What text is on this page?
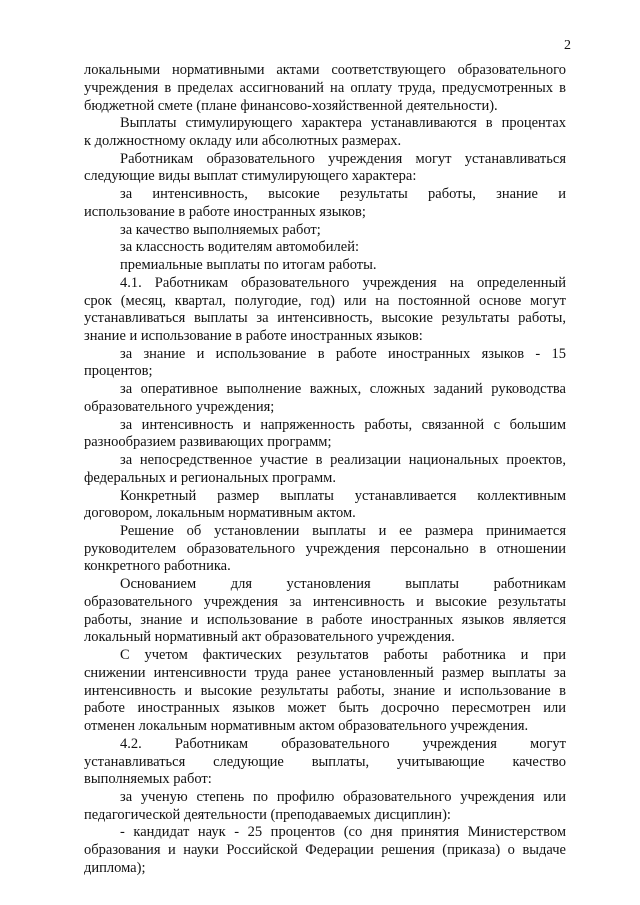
2
локальными нормативными актами соответствующего образовательного
учреждения в пределах ассигнований на оплату труда, предусмотренных в
бюджетной смете (плане финансово-хозяйственной деятельности).
Выплаты стимулирующего характера устанавливаются в процентах
к должностному окладу или абсолютных размерах.
Работникам образовательного учреждения могут устанавливаться
следующие виды выплат стимулирующего характера:
за интенсивность, высокие результаты работы, знание и
использование в работе иностранных языков;
за качество выполняемых работ;
за классность водителям автомобилей:
премиальные выплаты по итогам работы.
4.1. Работникам образовательного учреждения на определенный
срок (месяц, квартал, полугодие, год) или на постоянной основе могут
устанавливаться выплаты за интенсивность, высокие результаты работы,
знание и использование в работе иностранных языков:
за знание и использование в работе иностранных языков - 15
процентов;
за оперативное выполнение важных, сложных заданий руководства
образовательного учреждения;
за интенсивность и напряженность работы, связанной с большим
разнообразием развивающих программ;
за непосредственное участие в реализации национальных проектов,
федеральных и региональных программ.
Конкретный размер выплаты устанавливается коллективным
договором, локальным нормативным актом.
Решение об установлении выплаты и ее размера принимается
руководителем образовательного учреждения персонально в отношении
конкретного работника.
Основанием для установления выплаты работникам
образовательного учреждения за интенсивность и высокие результаты
работы, знание и использование в работе иностранных языков является
локальный нормативный акт образовательного учреждения.
С учетом фактических результатов работы работника и при
снижении интенсивности труда ранее установленный размер выплаты за
интенсивность и высокие результаты работы, знание и использование в
работе иностранных языков может быть досрочно пересмотрен или
отменен локальным нормативным актом образовательного учреждения.
4.2. Работникам образовательного учреждения могут
устанавливаться следующие выплаты, учитывающие качество
выполняемых работ:
за ученую степень по профилю образовательного учреждения или
педагогической деятельности (преподаваемых дисциплин):
- кандидат наук - 25 процентов (со дня принятия Министерством
образования и науки Российской Федерации решения (приказа) о выдаче
диплома);
